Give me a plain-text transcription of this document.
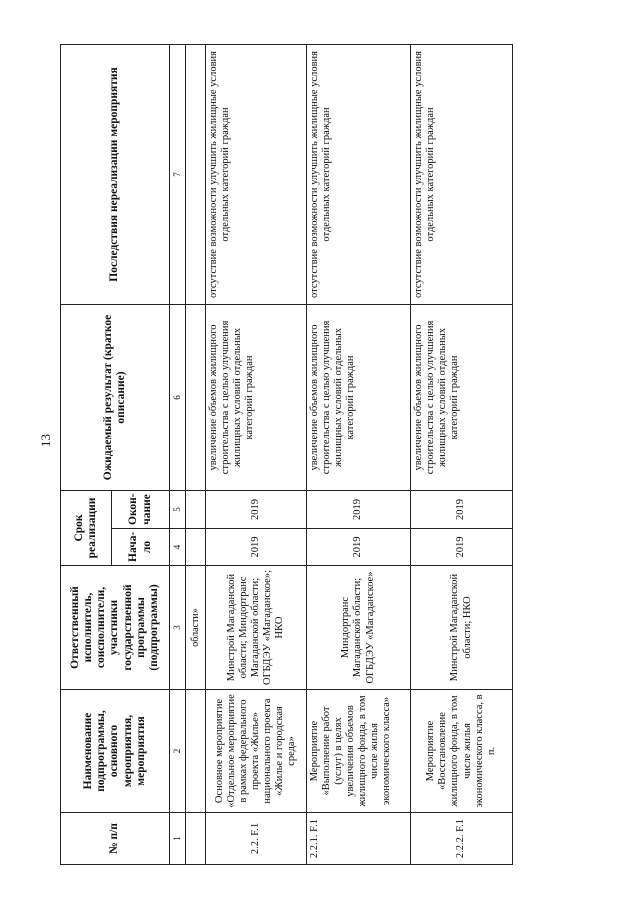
13
№ п/п	Наименование подпрограммы, основного мероприятия, мероприятия	Ответственный исполнитель, соисполнители, участники государственной программы (подпрограммы)	Срок реализации		Ожидаемый результат (краткое описание)	Последствия нереализации мероприятия
			Нача-ло	Окон-чание		
1	2	3	4	5	6	7
		области»				
2.2. F.1	Основное мероприятие «Отдельное мероприятие в рамках федерального проекта «Жилье» национального проекта «Жилье и городская среда»	Минстрой Магаданской области; Миндортранс Магаданской области; ОГБДЭУ «Магаданское»; НКО	2019	2019	увеличение объемов жилищного строительства с целью улучшения жилищных условий отдельных категорий граждан	отсутствие возможности улучшить жилищные условия отдельных категорий граждан
2.2.1. F.1	Мероприятие «Выполнение работ (услуг) в целях увеличения объемов жилищного фонда, в том числе жилья экономического класса»	Миндортранс Магаданской области; ОГБДЭУ «Магаданское»	2019	2019	увеличение объемов жилищного строительства с целью улучшения жилищных условий отдельных категорий граждан	отсутствие возможности улучшить жилищные условия отдельных категорий граждан
2.2.2. F.1	Мероприятие «Восстановление жилищного фонда, в том числе жилья экономического класса, в п.	Минстрой Магаданской области; НКО	2019	2019	увеличение объемов жилищного строительства с целью улучшения жилищных условий отдельных категорий граждан	отсутствие возможности улучшить жилищные условия отдельных категорий граждан
